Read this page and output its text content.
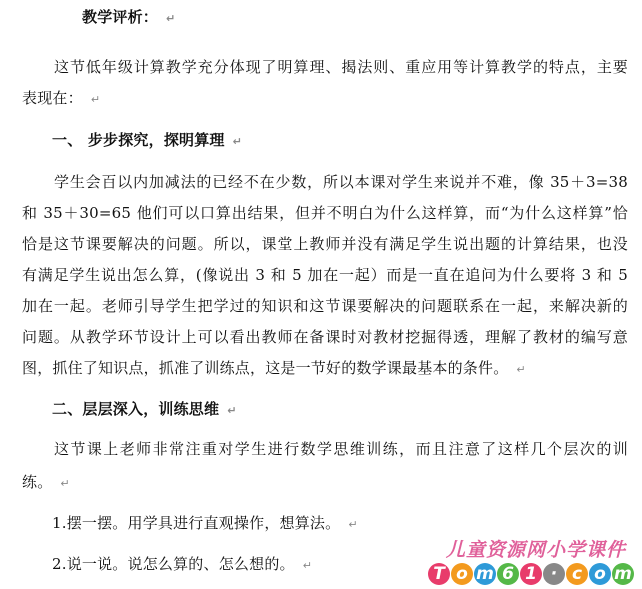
教学评析： ↵
这节低年级计算教学充分体现了明算理、揭法则、重应用等计算教学的特点，主要
表现在： ↵
一、 步步探究，探明算理 ↵
学生会百以内加减法的已经不在少数，所以本课对学生来说并不难，像 35＋3=38
和 35＋30=65 他们可以口算出结果，但并不明白为什么这样算，而“为什么这样算”恰
恰是这节课要解决的问题。所以，课堂上教师并没有满足学生说出题的计算结果，也没
有满足学生说出怎么算，(像说出 3 和 5 加在一起）而是一直在追问为什么要将 3 和 5
加在一起。老师引导学生把学过的知识和这节课要解决的问题联系在一起，来解决新的
问题。从教学环节设计上可以看出教师在备课时对教材挖掘得透，理解了教材的编写意
图，抓住了知识点，抓准了训练点，这是一节好的数学课最基本的条件。 ↵
二、层层深入，训练思维 ↵
这节课上老师非常注重对学生进行数学思维训练，而且注意了这样几个层次的训
练。 ↵
1.摆一摆。用学具进行直观操作，想算法。 ↵
2.说一说。说怎么算的、怎么想的。 ↵
儿童资源网小学课件
T o m 6 1 · c o m
